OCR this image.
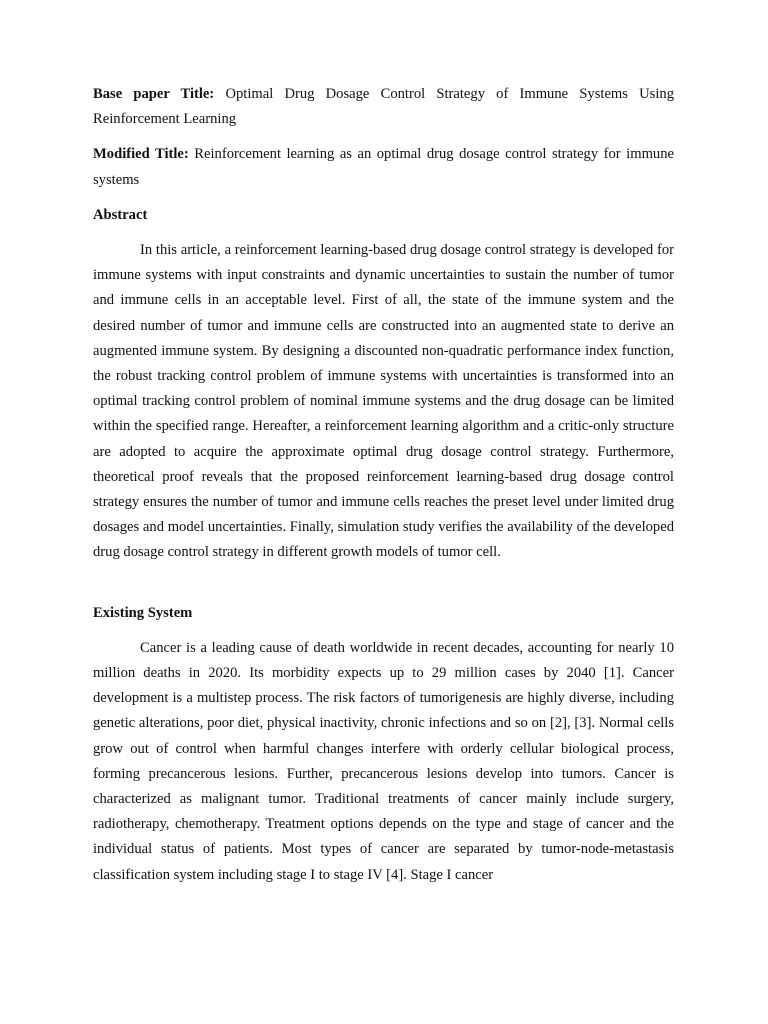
Base paper Title: Optimal Drug Dosage Control Strategy of Immune Systems Using Reinforcement Learning

Modified Title: Reinforcement learning as an optimal drug dosage control strategy for immune systems

Abstract

In this article, a reinforcement learning-based drug dosage control strategy is developed for immune systems with input constraints and dynamic uncertainties to sustain the number of tumor and immune cells in an acceptable level. First of all, the state of the immune system and the desired number of tumor and immune cells are constructed into an augmented state to derive an augmented immune system. By designing a discounted non-quadratic performance index function, the robust tracking control problem of immune systems with uncertainties is transformed into an optimal tracking control problem of nominal immune systems and the drug dosage can be limited within the specified range. Hereafter, a reinforcement learning algorithm and a critic-only structure are adopted to acquire the approximate optimal drug dosage control strategy. Furthermore, theoretical proof reveals that the proposed reinforcement learning-based drug dosage control strategy ensures the number of tumor and immune cells reaches the preset level under limited drug dosages and model uncertainties. Finally, simulation study verifies the availability of the developed drug dosage control strategy in different growth models of tumor cell.

Existing System

Cancer is a leading cause of death worldwide in recent decades, accounting for nearly 10 million deaths in 2020. Its morbidity expects up to 29 million cases by 2040 [1]. Cancer development is a multistep process. The risk factors of tumorigenesis are highly diverse, including genetic alterations, poor diet, physical inactivity, chronic infections and so on [2], [3]. Normal cells grow out of control when harmful changes interfere with orderly cellular biological process, forming precancerous lesions. Further, precancerous lesions develop into tumors. Cancer is characterized as malignant tumor. Traditional treatments of cancer mainly include surgery, radiotherapy, chemotherapy. Treatment options depends on the type and stage of cancer and the individual status of patients. Most types of cancer are separated by tumor-node-metastasis classification system including stage I to stage IV [4]. Stage I cancer
